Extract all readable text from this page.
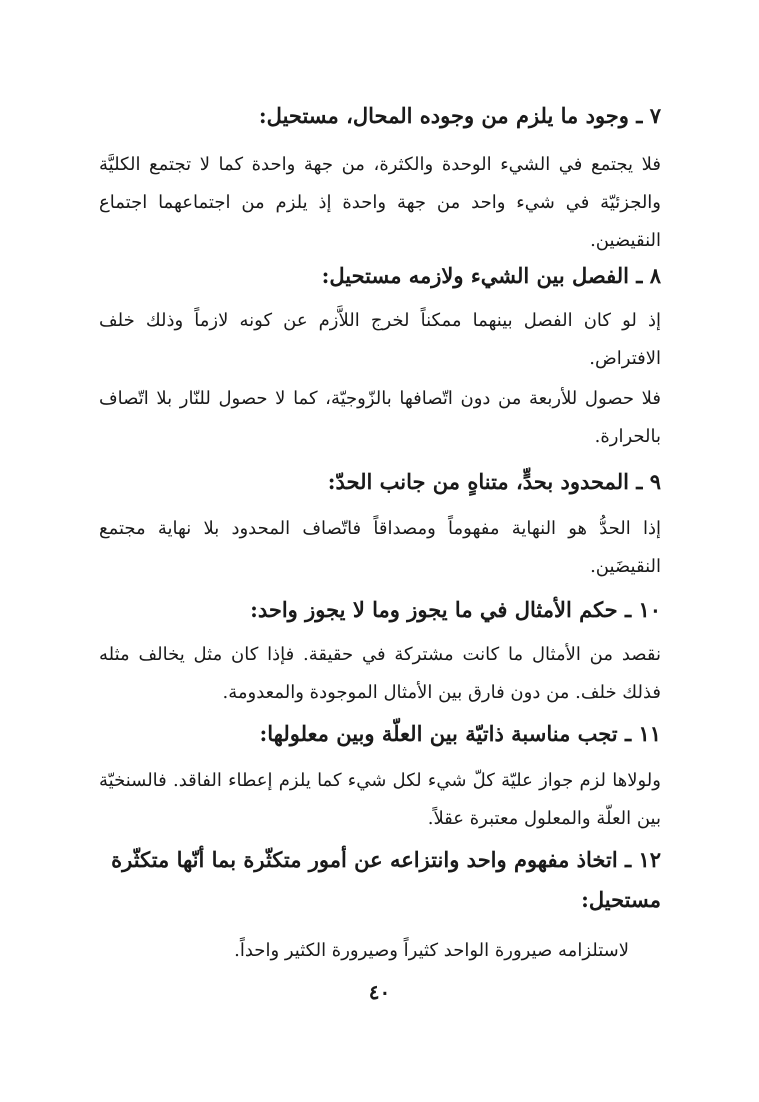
٧ ـ وجود ما يلزم من وجوده المحال، مستحيل:
فلا يجتمع في الشيء الوحدة والكثرة، من جهة واحدة كما لا تجتمع الكليَّة والجزئيّة في شيء واحد من جهة واحدة إذ يلزم من اجتماعهما اجتماع النقيضين.
٨ ـ الفصل بين الشيء ولازمه مستحيل:
إذ لو كان الفصل بينهما ممكناً لخرج اللاَّزم عن كونه لازماً وذلك خلف الافتراض.
فلا حصول للأربعة من دون اتّصافها بالزّوجيّة، كما لا حصول للنّار بلا اتّصاف بالحرارة.
٩ ـ المحدود بحدٍّ، متناهٍ من جانب الحدّ:
إذا الحدُّ هو النهاية مفهوماً ومصداقاً فاتّصاف المحدود بلا نهاية مجتمع النقيضَين.
١٠ ـ حكم الأمثال في ما يجوز وما لا يجوز واحد:
نقصد من الأمثال ما كانت مشتركة في حقيقة. فإذا كان مثل يخالف مثله فذلك خلف. من دون فارق بين الأمثال الموجودة والمعدومة.
١١ ـ تجب مناسبة ذاتيّة بين العلّة وبين معلولها:
ولولاها لزم جواز عليّة كلّ شيء لكل شيء كما يلزم إعطاء الفاقد. فالسنخيّة بين العلّة والمعلول معتبرة عقلاً.
١٢ ـ اتخاذ مفهوم واحد وانتزاعه عن أمور متكثّرة بما أنّها متكثّرة مستحيل:
لاستلزامه صيرورة الواحد كثيراً وصيرورة الكثير واحداً.
٤٠
